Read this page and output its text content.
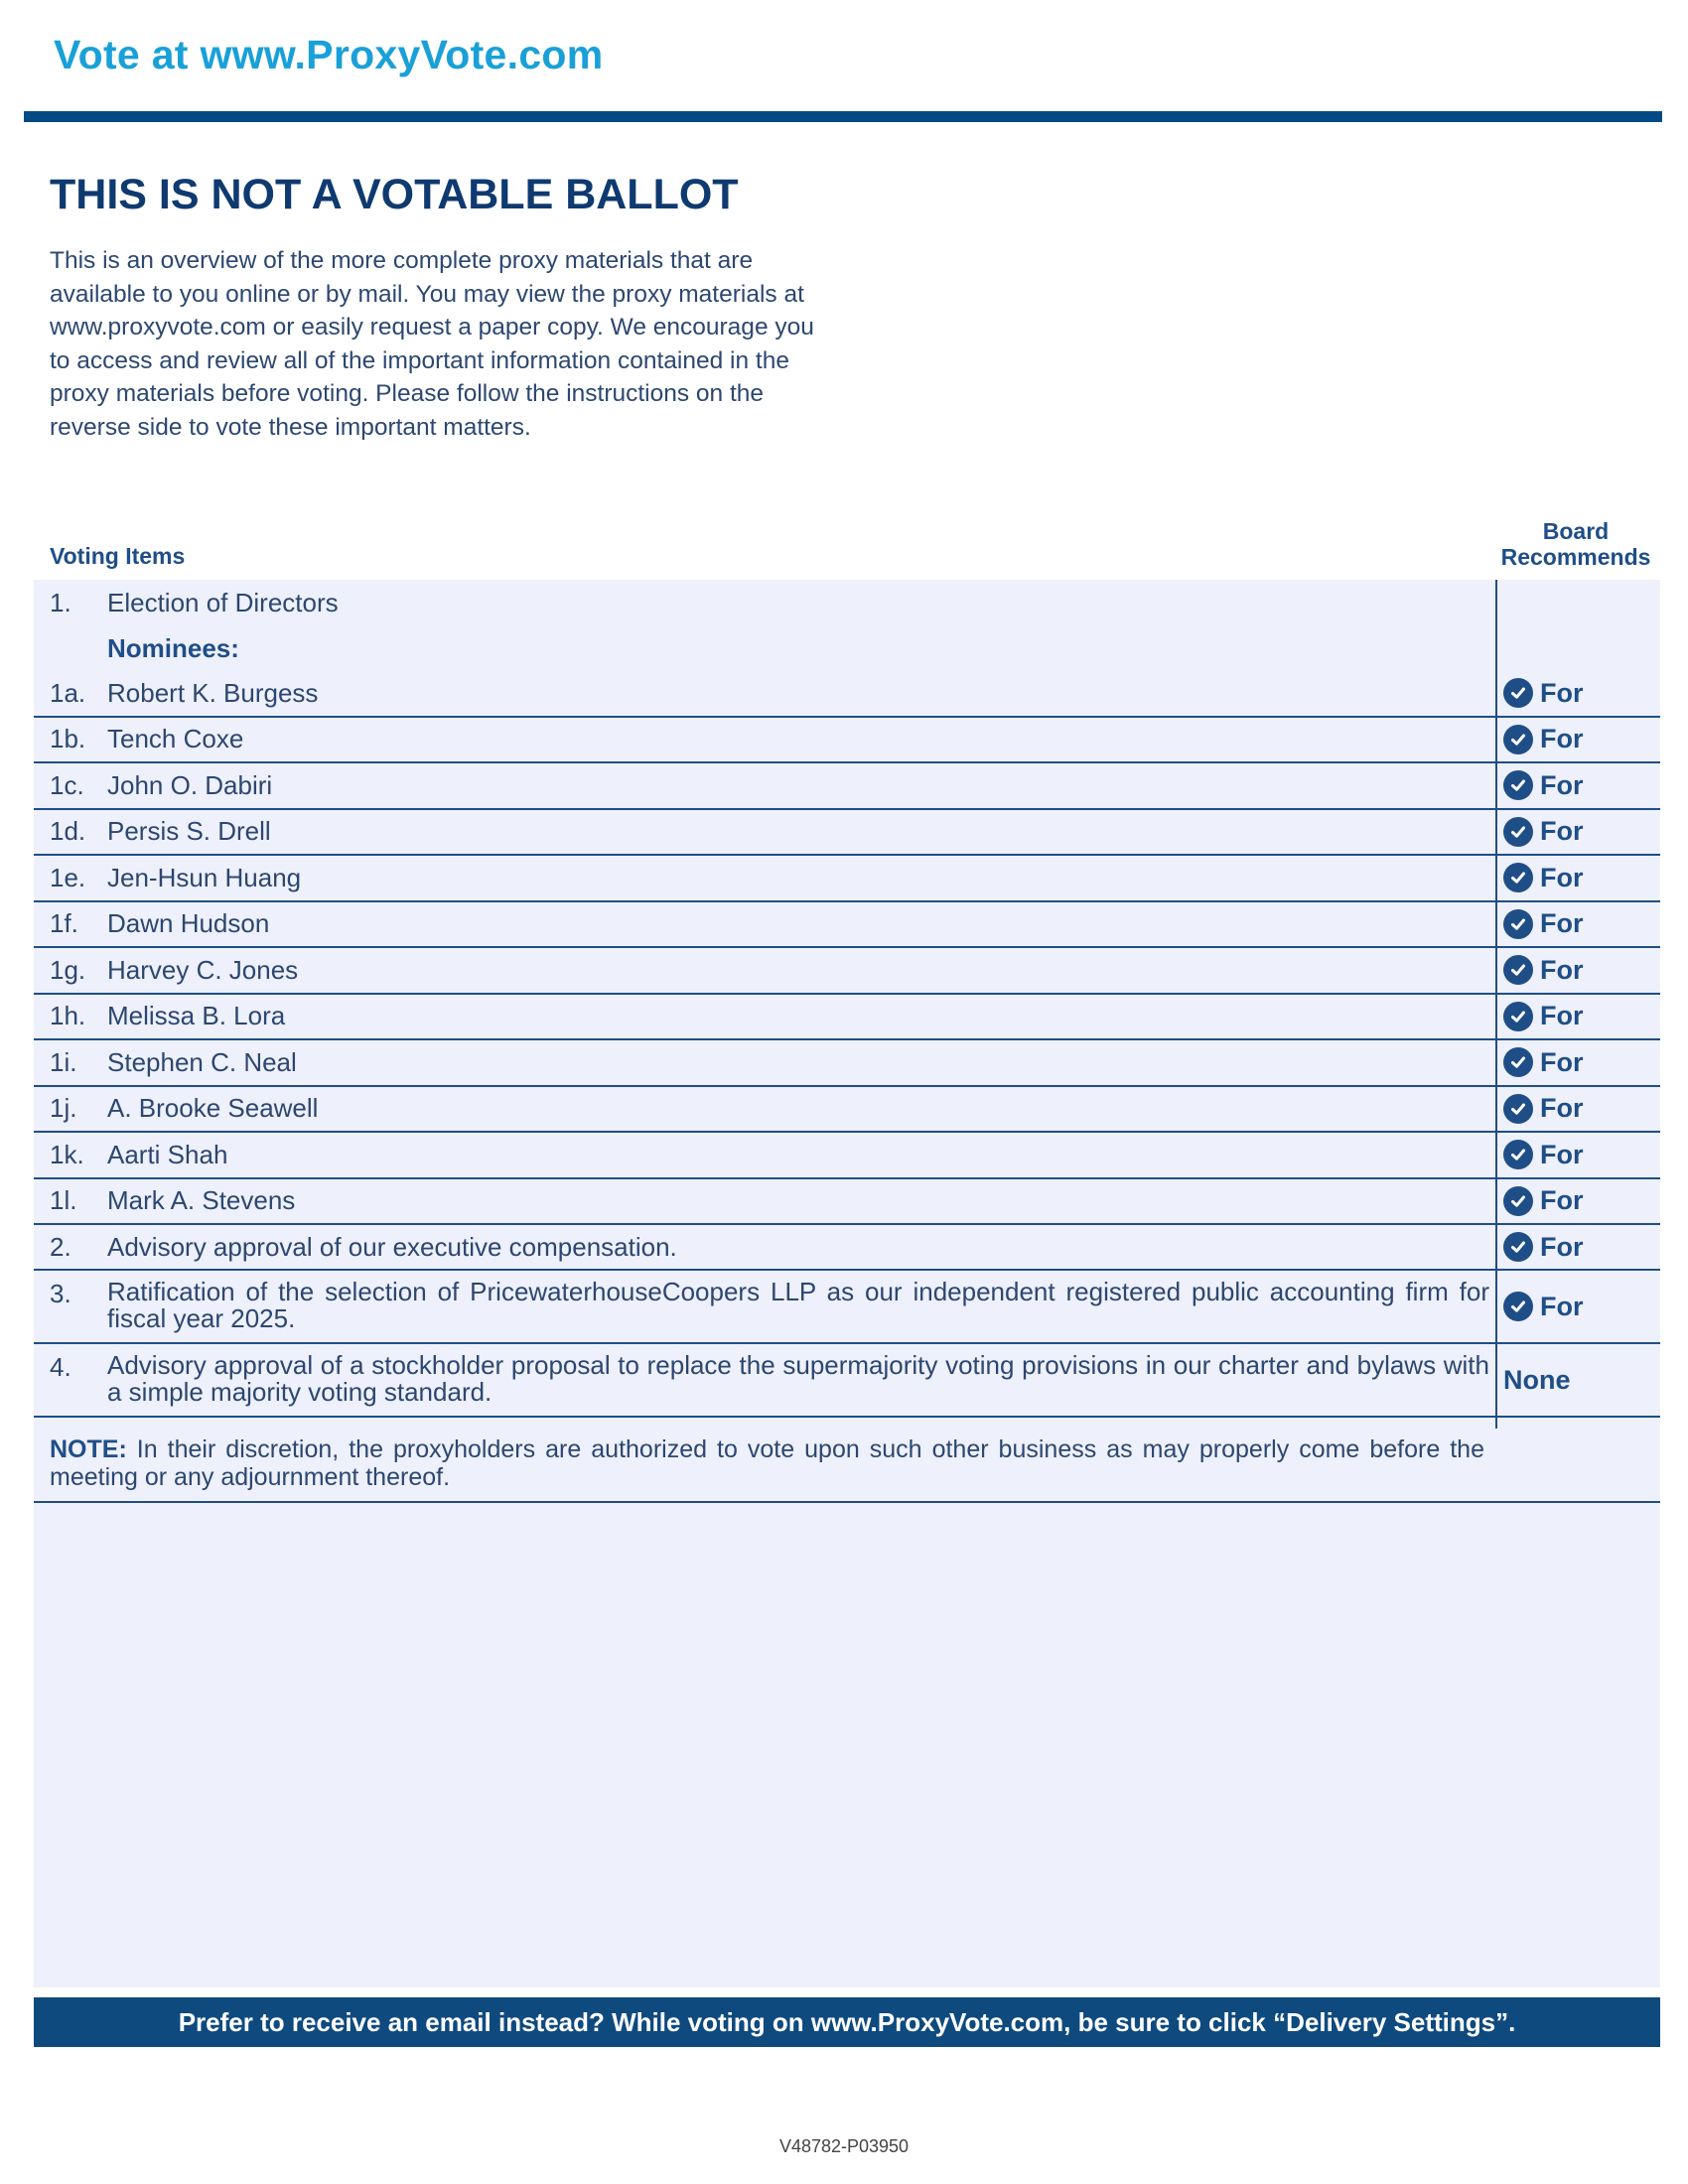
Vote at www.ProxyVote.com
THIS IS NOT A VOTABLE BALLOT
This is an overview of the more complete proxy materials that are available to you online or by mail. You may view the proxy materials at www.proxyvote.com or easily request a paper copy. We encourage you to access and review all of the important information contained in the proxy materials before voting. Please follow the instructions on the reverse side to vote these important matters.
Voting Items
Board
Recommends
1.	Election of Directors
Nominees:
1a. Robert K. Burgess	For
1b. Tench Coxe	For
1c. John O. Dabiri	For
1d. Persis S. Drell	For
1e. Jen-Hsun Huang	For
1f.	Dawn Hudson	For
1g. Harvey C. Jones	For
1h. Melissa B. Lora	For
1i.	Stephen C. Neal	For
1j.	A. Brooke Seawell	For
1k. Aarti Shah	For
1l.	Mark A. Stevens	For
2.	Advisory approval of our executive compensation.	For
3.	Ratification of the selection of PricewaterhouseCoopers LLP as our independent registered public accounting firm for fiscal year 2025.	For
4.	Advisory approval of a stockholder proposal to replace the supermajority voting provisions in our charter and bylaws with a simple majority voting standard.	None
NOTE: In their discretion, the proxyholders are authorized to vote upon such other business as may properly come before the meeting or any adjournment thereof.
Prefer to receive an email instead? While voting on www.ProxyVote.com, be sure to click “Delivery Settings”.
V48782-P03950
